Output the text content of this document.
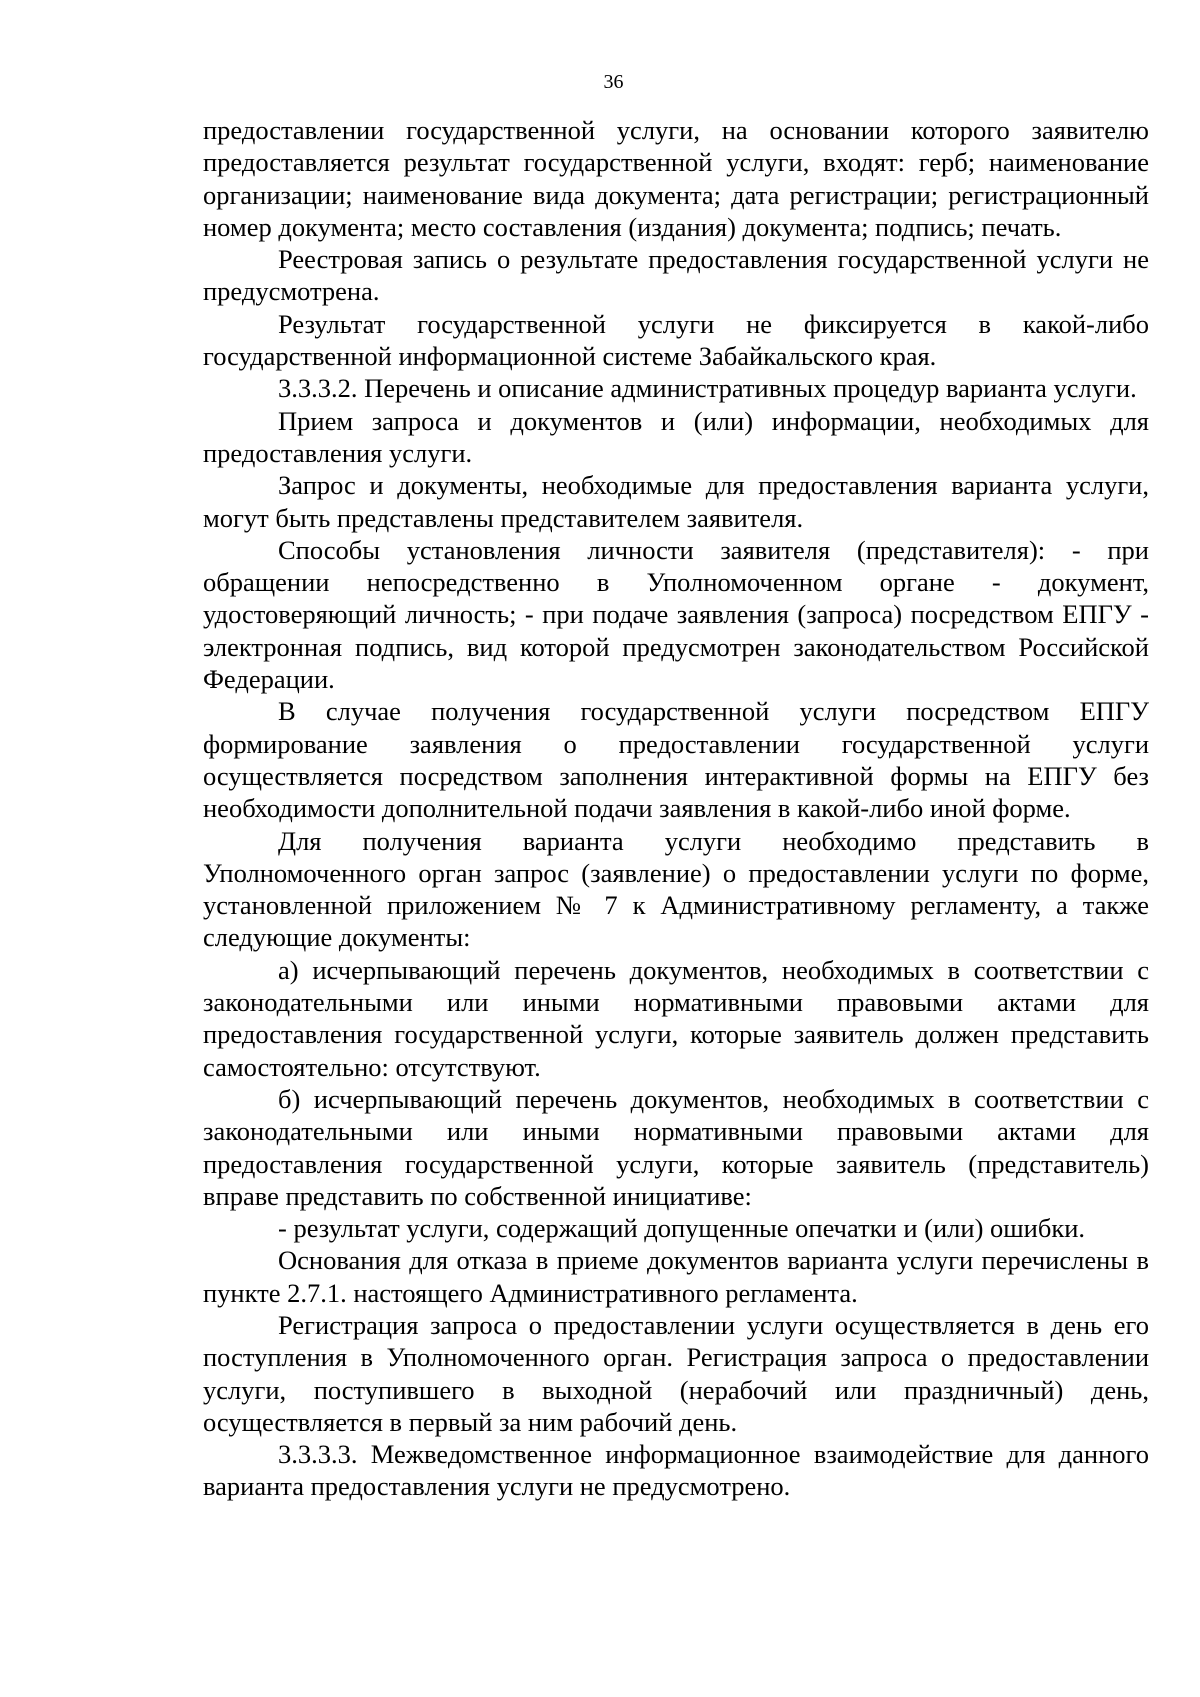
36

предоставлении государственной услуги, на основании которого заявителю предоставляется результат государственной услуги, входят: герб; наименование организации; наименование вида документа; дата регистрации; регистрационный номер документа; место составления (издания) документа; подпись; печать.

Реестровая запись о результате предоставления государственной услуги не предусмотрена.

Результат государственной услуги не фиксируется в какой-либо государственной информационной системе Забайкальского края.

3.3.3.2. Перечень и описание административных процедур варианта услуги.

Прием запроса и документов и (или) информации, необходимых для предоставления услуги.

Запрос и документы, необходимые для предоставления варианта услуги, могут быть представлены представителем заявителя.

Способы установления личности заявителя (представителя): - при обращении непосредственно в Уполномоченном органе - документ, удостоверяющий личность; - при подаче заявления (запроса) посредством ЕПГУ - электронная подпись, вид которой предусмотрен законодательством Российской Федерации.

В случае получения государственной услуги посредством ЕПГУ формирование заявления о предоставлении государственной услуги осуществляется посредством заполнения интерактивной формы на ЕПГУ без необходимости дополнительной подачи заявления в какой-либо иной форме.

Для получения варианта услуги необходимо представить в Уполномоченного орган запрос (заявление) о предоставлении услуги по форме, установленной приложением № 7 к Административному регламенту, а также следующие документы:

а) исчерпывающий перечень документов, необходимых в соответствии с законодательными или иными нормативными правовыми актами для предоставления государственной услуги, которые заявитель должен представить самостоятельно: отсутствуют.

б) исчерпывающий перечень документов, необходимых в соответствии с законодательными или иными нормативными правовыми актами для предоставления государственной услуги, которые заявитель (представитель) вправе представить по собственной инициативе:

- результат услуги, содержащий допущенные опечатки и (или) ошибки.

Основания для отказа в приеме документов варианта услуги перечислены в пункте 2.7.1. настоящего Административного регламента.

Регистрация запроса о предоставлении услуги осуществляется в день его поступления в Уполномоченного орган. Регистрация запроса о предоставлении услуги, поступившего в выходной (нерабочий или праздничный) день, осуществляется в первый за ним рабочий день.

3.3.3.3. Межведомственное информационное взаимодействие для данного варианта предоставления услуги не предусмотрено.
